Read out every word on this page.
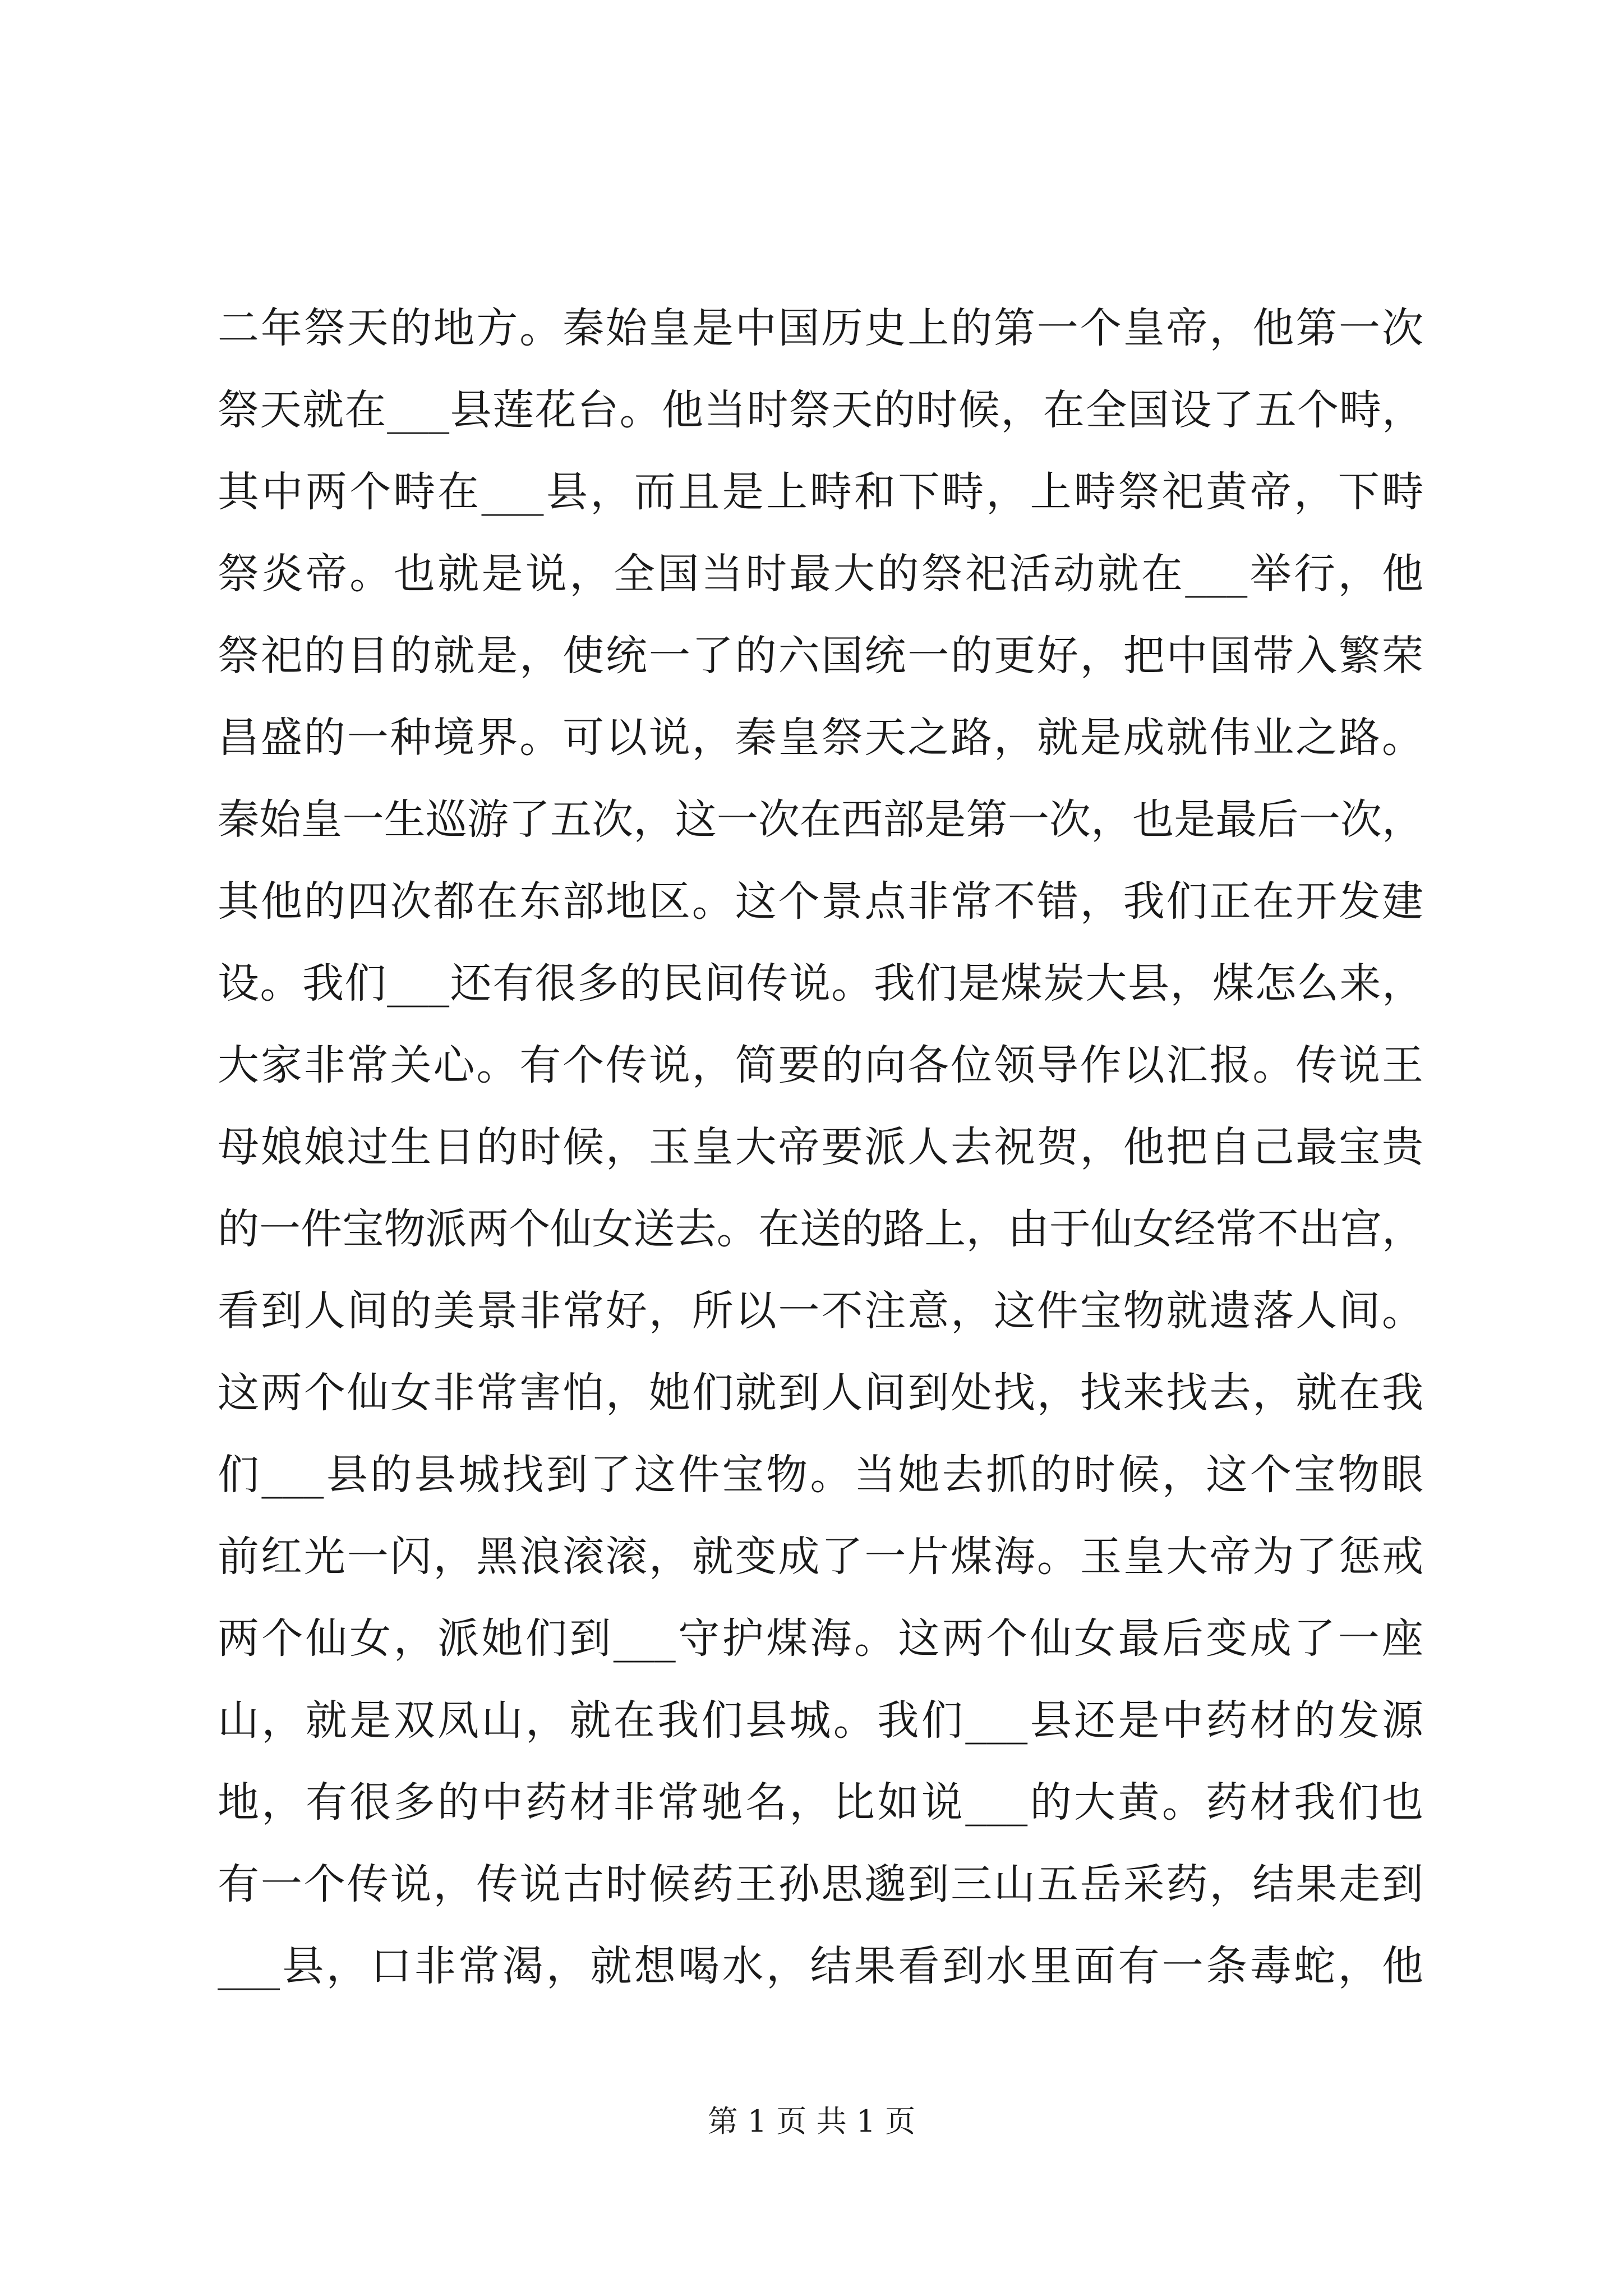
二年祭天的地方。秦始皇是中国历史上的第一个皇帝，他第一次
祭天就在___县莲花台。他当时祭天的时候，在全国设了五个畤，
其中两个畤在___县，而且是上畤和下畤，上畤祭祀黄帝，下畤
祭炎帝。也就是说，全国当时最大的祭祀活动就在___举行，他
祭祀的目的就是，使统一了的六国统一的更好，把中国带入繁荣
昌盛的一种境界。可以说，秦皇祭天之路，就是成就伟业之路。
秦始皇一生巡游了五次，这一次在西部是第一次，也是最后一次，
其他的四次都在东部地区。这个景点非常不错，我们正在开发建
设。我们___还有很多的民间传说。我们是煤炭大县，煤怎么来，
大家非常关心。有个传说，简要的向各位领导作以汇报。传说王
母娘娘过生日的时候，玉皇大帝要派人去祝贺，他把自己最宝贵
的一件宝物派两个仙女送去。在送的路上，由于仙女经常不出宫，
看到人间的美景非常好，所以一不注意，这件宝物就遗落人间。
这两个仙女非常害怕，她们就到人间到处找，找来找去，就在我
们___县的县城找到了这件宝物。当她去抓的时候，这个宝物眼
前红光一闪，黑浪滚滚，就变成了一片煤海。玉皇大帝为了惩戒
两个仙女，派她们到___守护煤海。这两个仙女最后变成了一座
山，就是双凤山，就在我们县城。我们___县还是中药材的发源
地，有很多的中药材非常驰名，比如说___的大黄。药材我们也
有一个传说，传说古时候药王孙思邈到三山五岳采药，结果走到
___县，口非常渴，就想喝水，结果看到水里面有一条毒蛇，他
第 1 页 共 1 页
